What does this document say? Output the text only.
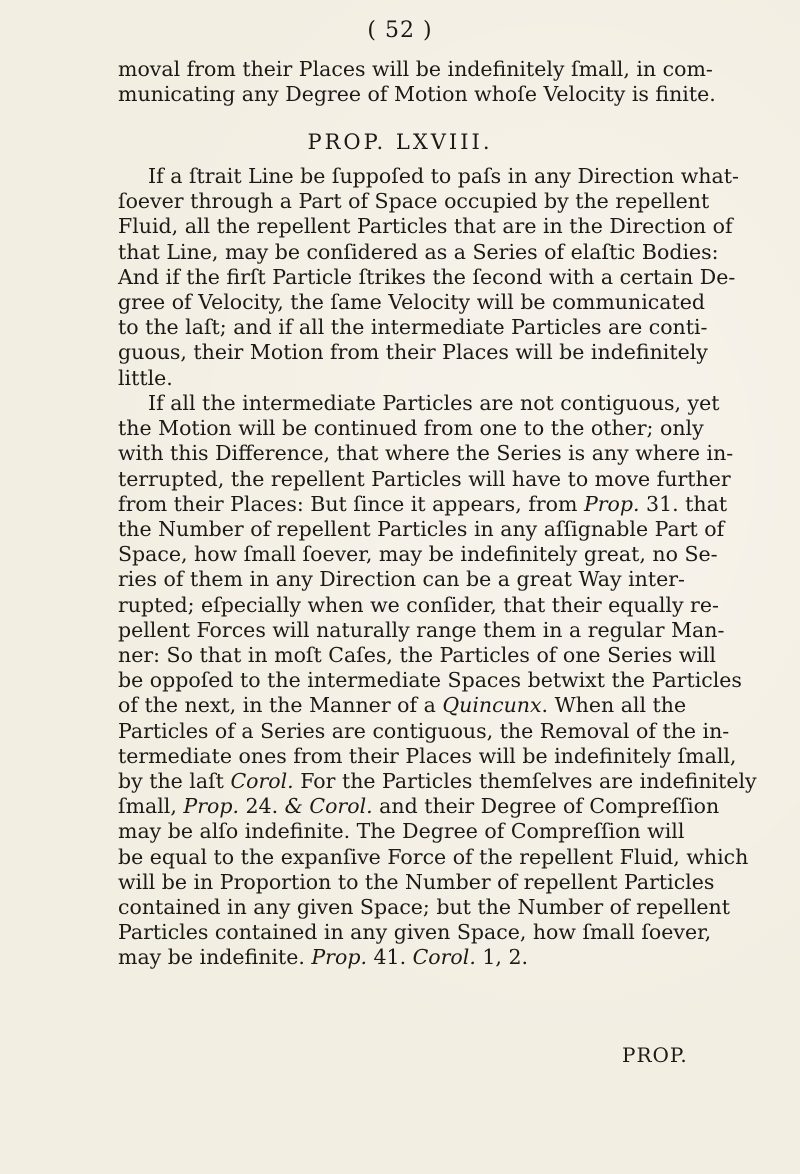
( 52 )
moval from their Places will be indefinitely ſmall, in com-
municating any Degree of Motion whoſe Velocity is finite.
PROP. LXVIII.
If a ſtrait Line be ſuppoſed to paſs in any Direction what-
ſoever through a Part of Space occupied by the repellent
Fluid, all the repellent Particles that are in the Direction of
that Line, may be conſidered as a Series of elaſtic Bodies:
And if the firſt Particle ſtrikes the ſecond with a certain De-
gree of Velocity, the ſame Velocity will be communicated
to the laſt; and if all the intermediate Particles are conti-
guous, their Motion from their Places will be indefinitely
little.
If all the intermediate Particles are not contiguous, yet
the Motion will be continued from one to the other; only
with this Difference, that where the Series is any where in-
terrupted, the repellent Particles will have to move further
from their Places: But ſince it appears, from Prop. 31. that
the Number of repellent Particles in any aſſignable Part of
Space, how ſmall ſoever, may be indefinitely great, no Se-
ries of them in any Direction can be a great Way inter-
rupted; eſpecially when we conſider, that their equally re-
pellent Forces will naturally range them in a regular Man-
ner: So that in moſt Caſes, the Particles of one Series will
be oppoſed to the intermediate Spaces betwixt the Particles
of the next, in the Manner of a Quincunx. When all the
Particles of a Series are contiguous, the Removal of the in-
termediate ones from their Places will be indefinitely ſmall,
by the laſt Corol. For the Particles themſelves are indefinitely
ſmall, Prop. 24. & Corol. and their Degree of Compreſſion
may be alſo indefinite. The Degree of Compreſſion will
be equal to the expanſive Force of the repellent Fluid, which
will be in Proportion to the Number of repellent Particles
contained in any given Space; but the Number of repellent
Particles contained in any given Space, how ſmall ſoever,
may be indefinite. Prop. 41. Corol. 1, 2.
PROP.
